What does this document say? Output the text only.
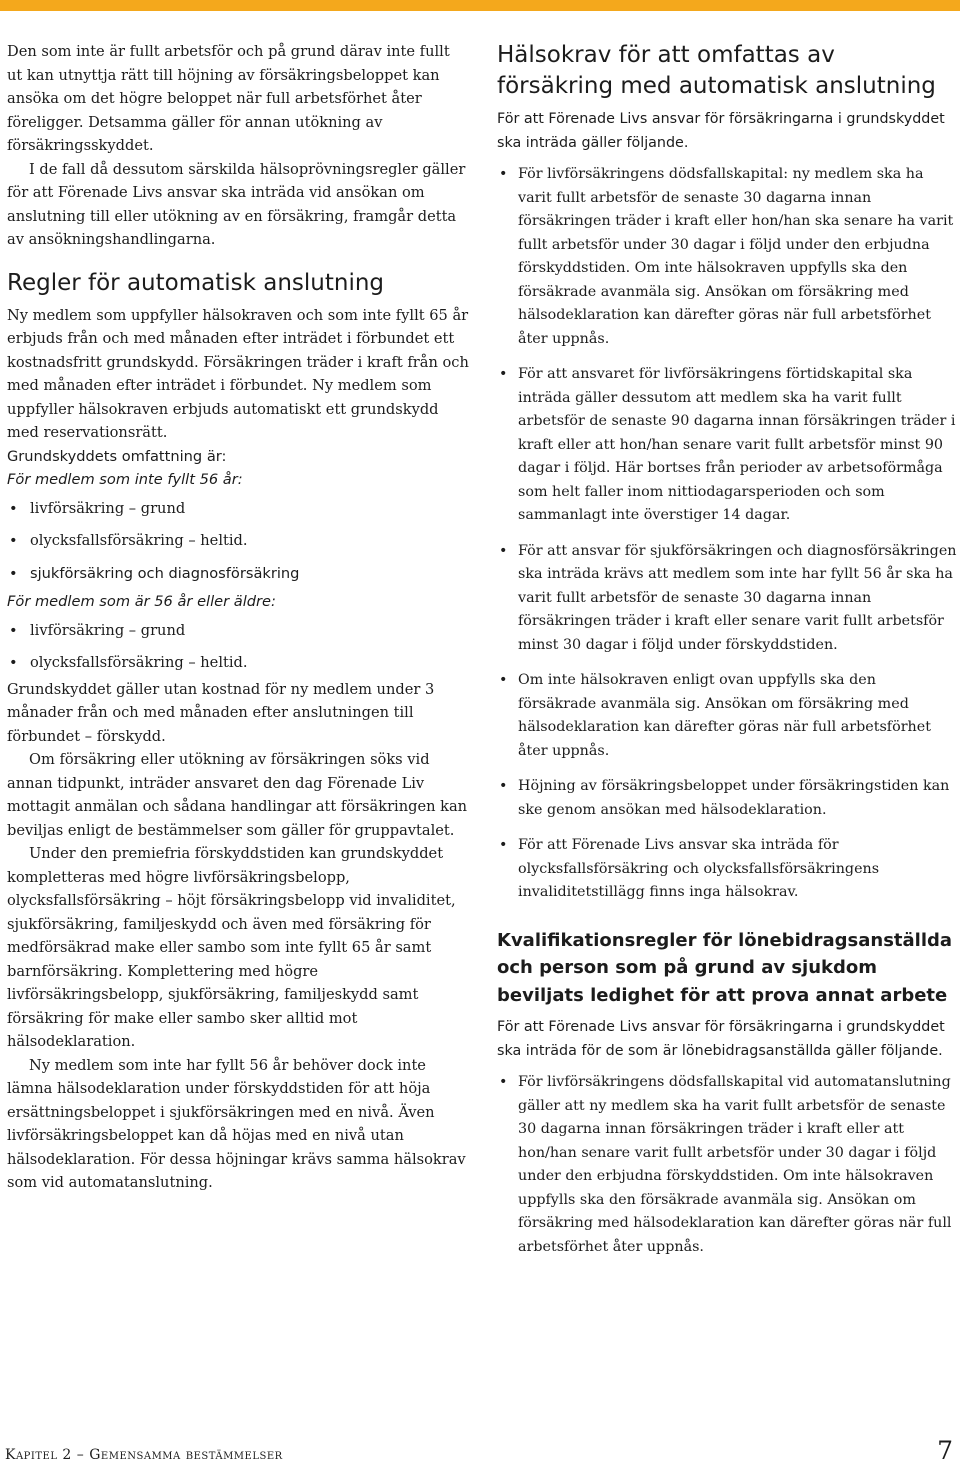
Den som inte är fullt arbetsför och på grund därav inte fullt ut kan utnyttja rätt till höjning av försäkringsbeloppet kan ansöka om det högre beloppet när full arbetsförhet åter föreligger. Detsamma gäller för annan utökning av försäkringsskyddet.

I de fall då dessutom särskilda hälsoprövningsregler gäller för att Förenade Livs ansvar ska inträda vid ansökan om anslutning till eller utökning av en försäkring, framgår detta av ansökningshandlingarna.

Regler för automatisk anslutning

Ny medlem som uppfyller hälsokraven och som inte fyllt 65 år erbjuds från och med månaden efter inträdet i förbundet ett kostnadsfritt grundskydd. Försäkringen träder i kraft från och med månaden efter inträdet i förbundet. Ny medlem som uppfyller hälsokraven erbjuds automatiskt ett grundskydd med reservationsrätt.

Grundskyddets omfattning är:

För medlem som inte fyllt 56 år:

• livförsäkring – grund
• olycksfallsförsäkring – heltid.
• sjukförsäkring och diagnosförsäkring

För medlem som är 56 år eller äldre:

• livförsäkring – grund
• olycksfallsförsäkring – heltid.

Grundskyddet gäller utan kostnad för ny medlem under 3 månader från och med månaden efter anslutningen till förbundet – förskydd.

Om försäkring eller utökning av försäkringen söks vid annan tidpunkt, inträder ansvaret den dag Förenade Liv mottagit anmälan och sådana handlingar att försäkringen kan beviljas enligt de bestämmelser som gäller för gruppavtalet.

Under den premiefria förskyddstiden kan grundskyddet kompletteras med högre livförsäkringsbelopp, olycksfallsförsäkring – höjt försäkringsbelopp vid invaliditet, sjukförsäkring, familjeskydd och även med försäkring för medförsäkrad make eller sambo som inte fyllt 65 år samt barnförsäkring. Komplettering med högre livförsäkringsbelopp, sjukförsäkring, familjeskydd samt försäkring för make eller sambo sker alltid mot hälsodeklaration.

Ny medlem som inte har fyllt 56 år behöver dock inte lämna hälsodeklaration under förskyddstiden för att höja ersättningsbeloppet i sjukförsäkringen med en nivå. Även livförsäkringsbeloppet kan då höjas med en nivå utan hälsodeklaration. För dessa höjningar krävs samma hälsokrav som vid automatanslutning.

Hälsokrav för att omfattas av försäkring med automatisk anslutning

För att Förenade Livs ansvar för försäkringarna i grundskyddet ska inträda gäller följande.

• För livförsäkringens dödsfallskapital: ny medlem ska ha varit fullt arbetsför de senaste 30 dagarna innan försäkringen träder i kraft eller hon/han ska senare ha varit fullt arbetsför under 30 dagar i följd under den erbjudna förskyddstiden. Om inte hälsokraven uppfylls ska den försäkrade avanmäla sig. Ansökan om försäkring med hälsodeklaration kan därefter göras när full arbetsförhet åter uppnås.
• För att ansvaret för livförsäkringens förtidskapital ska inträda gäller dessutom att medlem ska ha varit fullt arbetsför de senaste 90 dagarna innan försäkringen träder i kraft eller att hon/han senare varit fullt arbetsför minst 90 dagar i följd. Här bortses från perioder av arbetsoförmåga som helt faller inom nittiodagarsperioden och som sammanlagt inte överstiger 14 dagar.
• För att ansvar för sjukförsäkringen och diagnosförsäkringen ska inträda krävs att medlem som inte har fyllt 56 år ska ha varit fullt arbetsför de senaste 30 dagarna innan försäkringen träder i kraft eller senare varit fullt arbetsför minst 30 dagar i följd under förskyddstiden.
• Om inte hälsokraven enligt ovan uppfylls ska den försäkrade avanmäla sig. Ansökan om försäkring med hälsodeklaration kan därefter göras när full arbetsförhet åter uppnås.
• Höjning av försäkringsbeloppet under försäkringstiden kan ske genom ansökan med hälsodeklaration.
• För att Förenade Livs ansvar ska inträda för olycksfallsförsäkring och olycksfallsförsäkringens invaliditetstillägg finns inga hälsokrav.
Kvalifikationsregler för lönebidragsanställda och person som på grund av sjukdom beviljats ledighet för att prova annat arbete

För att Förenade Livs ansvar för försäkringarna i grundskyddet ska inträda för de som är lönebidragsanställda gäller följande.

• För livförsäkringens dödsfallskapital vid automatanslutning gäller att ny medlem ska ha varit fullt arbetsför de senaste 30 dagarna innan försäkringen träder i kraft eller att hon/han senare varit fullt arbetsför under 30 dagar i följd under den erbjudna förskyddstiden. Om inte hälsokraven uppfylls ska den försäkrade avanmäla sig. Ansökan om försäkring med hälsodeklaration kan därefter göras när full arbetsförhet åter uppnås.
Kapitel 2 – Gemensamma bestämmelser	7
